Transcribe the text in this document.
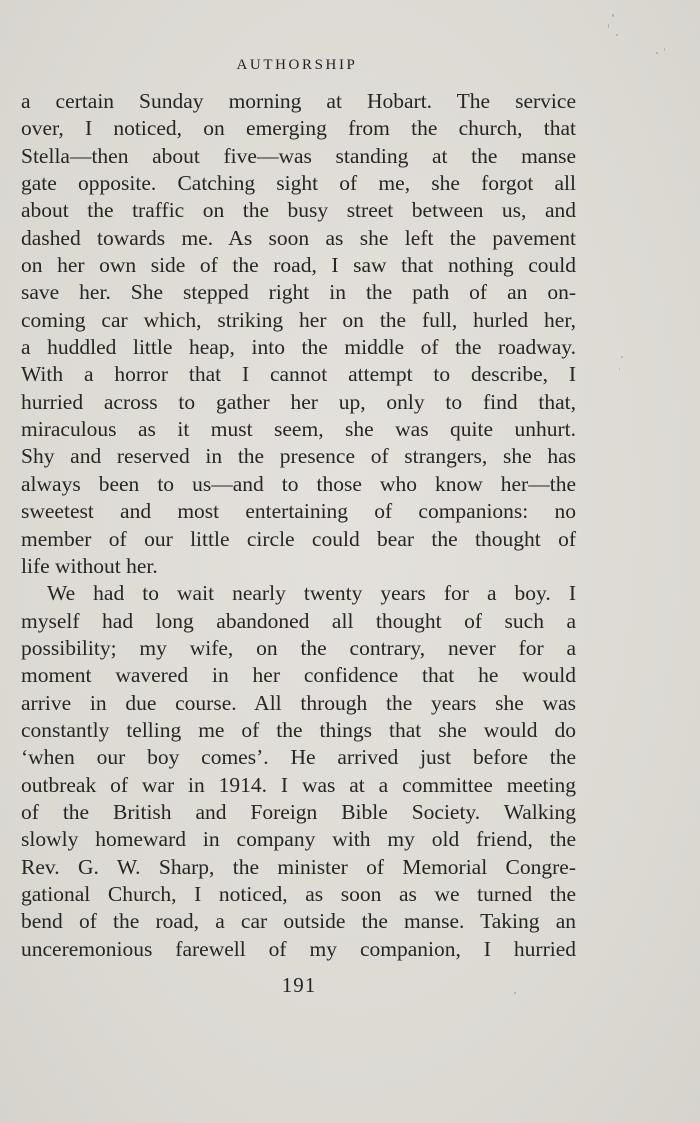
AUTHORSHIP
a certain Sunday morning at Hobart. The service
over, I noticed, on emerging from the church, that
Stella—then about five—was standing at the manse
gate opposite. Catching sight of me, she forgot all
about the traffic on the busy street between us, and
dashed towards me. As soon as she left the pavement
on her own side of the road, I saw that nothing could
save her. She stepped right in the path of an on-
coming car which, striking her on the full, hurled her,
a huddled little heap, into the middle of the roadway.
With a horror that I cannot attempt to describe, I
hurried across to gather her up, only to find that,
miraculous as it must seem, she was quite unhurt.
Shy and reserved in the presence of strangers, she has
always been to us—and to those who know her—the
sweetest and most entertaining of companions: no
member of our little circle could bear the thought of
life without her.
We had to wait nearly twenty years for a boy. I
myself had long abandoned all thought of such a
possibility; my wife, on the contrary, never for a
moment wavered in her confidence that he would
arrive in due course. All through the years she was
constantly telling me of the things that she would do
‘when our boy comes’. He arrived just before the
outbreak of war in 1914. I was at a committee meeting
of the British and Foreign Bible Society. Walking
slowly homeward in company with my old friend, the
Rev. G. W. Sharp, the minister of Memorial Congre-
gational Church, I noticed, as soon as we turned the
bend of the road, a car outside the manse. Taking an
unceremonious farewell of my companion, I hurried
191
